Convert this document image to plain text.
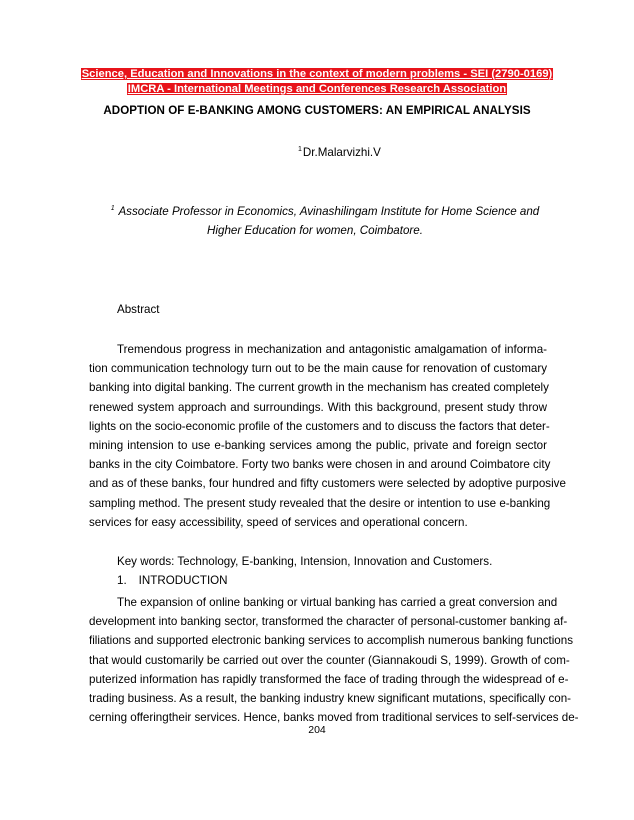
Science, Education and Innovations in the context of modern problems - SEI (2790-0169)
IMCRA - International Meetings and Conferences Research Association
ADOPTION OF E-BANKING AMONG CUSTOMERS: AN EMPIRICAL ANALYSIS
$^1$Dr.Malarvizhi.V
$^1$ Associate Professor in Economics, Avinashilingam Institute for Home Science and
Higher Education for women, Coimbatore.
Abstract
Tremendous progress in mechanization and antagonistic amalgamation of informa-
tion communication technology turn out to be the main cause for renovation of customary
banking into digital banking. The current growth in the mechanism has created completely
renewed system approach and surroundings. With this background, present study throw
lights on the socio-economic profile of the customers and to discuss the factors that deter-
mining intension to use e-banking services among the public, private and foreign sector
banks in the city Coimbatore. Forty two banks were chosen in and around Coimbatore city
and as of these banks, four hundred and fifty customers were selected by adoptive purposive
sampling method. The present study revealed that the desire or intention to use e-banking
services for easy accessibility, speed of services and operational concern.
Key words: Technology, E-banking, Intension, Innovation and Customers.
1. INTRODUCTION
The expansion of online banking or virtual banking has carried a great conversion and
development into banking sector, transformed the character of personal-customer banking af-
filiations and supported electronic banking services to accomplish numerous banking functions
that would customarily be carried out over the counter (Giannakoudi S, 1999). Growth of com-
puterized information has rapidly transformed the face of trading through the widespread of e-
trading business. As a result, the banking industry knew significant mutations, specifically con-
cerning offeringtheir services. Hence, banks moved from traditional services to self-services de-
204
